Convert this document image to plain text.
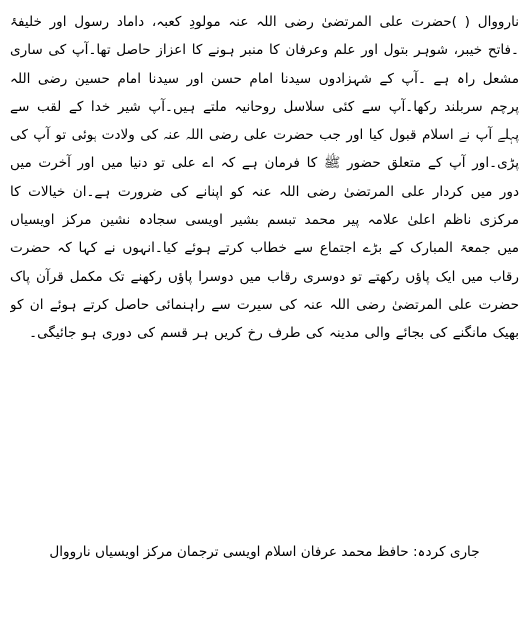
نارووال ( )حضرت علی المرتضیٰ رضی اللہ عنہ مولودِ کعبہ، داماد رسول اور خلیفۂ
۔فاتح خیبر، شوہر بتول اور علم وعرفان کا منبر ہونے کا اعزاز حاصل تھا۔آپ کی ساری
مشعل راہ ہے ۔آپ کے شہزادوں سیدنا امام حسن اور سیدنا امام حسین رضی اللہ
پرچم سربلند رکھا۔آپ سے کئی سلاسل روحانیہ ملتے ہیں۔آپ شیر خدا کے لقب سے
پہلے آپ نے اسلام قبول کیا اور جب حضرت علی رضی اللہ عنہ کی ولادت ہوئی تو آپ کی
پڑی۔اور آپ کے متعلق حضور ﷺ کا فرمان ہے کہ اے علی تو دنیا میں اور آخرت میں
دور میں کردار علی المرتضیٰ رضی اللہ عنہ کو اپنانے کی ضرورت ہے۔ان خیالات کا
مرکزی ناظم اعلیٰ علامہ پیر محمد تبسم بشیر اویسی سجادہ نشین مرکز اویسیاں
میں جمعۃ المبارک کے بڑے اجتماع سے خطاب کرتے ہوئے کیا۔انہوں نے کہا کہ حضرت
رقاب میں ایک پاؤں رکھتے تو دوسری رقاب میں دوسرا پاؤں رکھنے تک مکمل قرآن پاک
حضرت علی المرتضیٰ رضی اللہ عنہ کی سیرت سے راہنمائی حاصل کرتے ہوئے ان کو
بھیک مانگنے کی بجائے والی مدینہ کی طرف رخ کریں ہر قسم کی دوری ہو جائیگی۔
جاری کردہ: حافظ محمد عرفان اسلام اویسی ترجمان مرکز اویسیاں نارووال
